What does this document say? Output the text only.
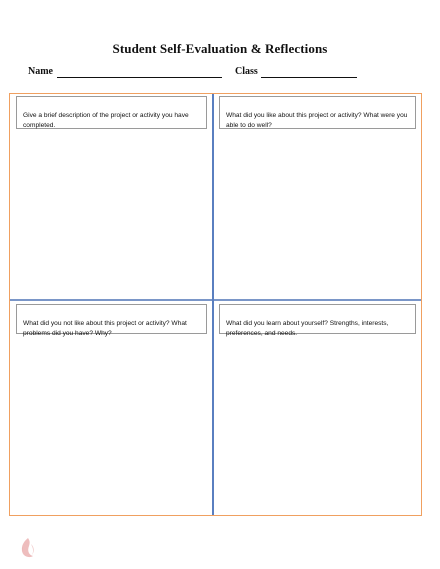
Student Self-Evaluation & Reflections
Name	Class
Give a brief description of the project or activity you have completed.
What did you like about this project or activity? What were you able to do well?
What did you not like about this project or activity? What problems did you have? Why?
What did you learn about yourself? Strengths, interests, preferences, and needs.
